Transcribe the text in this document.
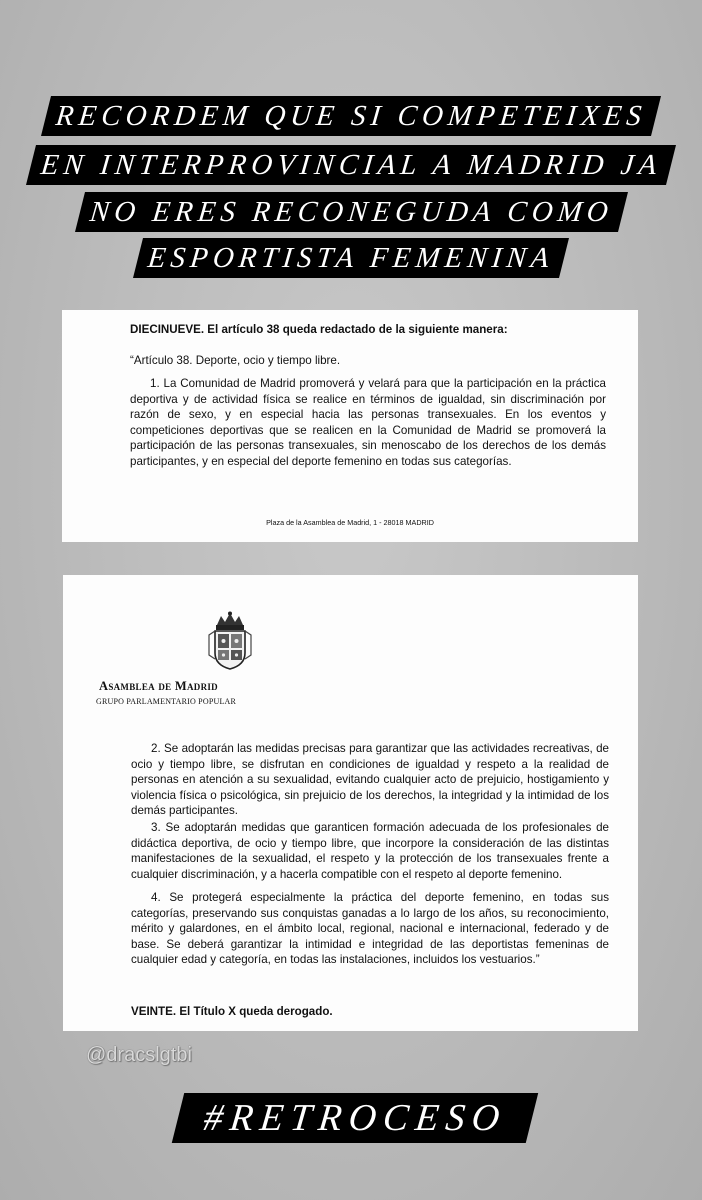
RECORDEM QUE SI COMPETEIXES
EN INTERPROVINCIAL A MADRID JA
NO ERES RECONEGUDA COMO
ESPORTISTA FEMENINA

DIECINUEVE. El artículo 38 queda redactado de la siguiente manera:

“Artículo 38. Deporte, ocio y tiempo libre.

1. La Comunidad de Madrid promoverá y velará para que la participación en la práctica deportiva y de actividad física se realice en términos de igualdad, sin discriminación por razón de sexo, y en especial hacia las personas transexuales. En los eventos y competiciones deportivas que se realicen en la Comunidad de Madrid se promoverá la participación de las personas transexuales, sin menoscabo de los derechos de los demás participantes, y en especial del deporte femenino en todas sus categorías.

Plaza de la Asamblea de Madrid, 1 - 28018 MADRID

Asamblea de Madrid
GRUPO PARLAMENTARIO POPULAR

2. Se adoptarán las medidas precisas para garantizar que las actividades recreativas, de ocio y tiempo libre, se disfrutan en condiciones de igualdad y respeto a la realidad de personas en atención a su sexualidad, evitando cualquier acto de prejuicio, hostigamiento y violencia física o psicológica, sin prejuicio de los derechos, la integridad y la intimidad de los demás participantes.

3. Se adoptarán medidas que garanticen formación adecuada de los profesionales de didáctica deportiva, de ocio y tiempo libre, que incorpore la consideración de las distintas manifestaciones de la sexualidad, el respeto y la protección de los transexuales frente a cualquier discriminación, y a hacerla compatible con el respeto al deporte femenino.

4. Se protegerá especialmente la práctica del deporte femenino, en todas sus categorías, preservando sus conquistas ganadas a lo largo de los años, su reconocimiento, mérito y galardones, en el ámbito local, regional, nacional e internacional, federado y de base. Se deberá garantizar la intimidad e integridad de las deportistas femeninas de cualquier edad y categoría, en todas las instalaciones, incluidos los vestuarios.”

VEINTE. El Título X queda derogado.

@dracslgtbi
#RETROCESO
